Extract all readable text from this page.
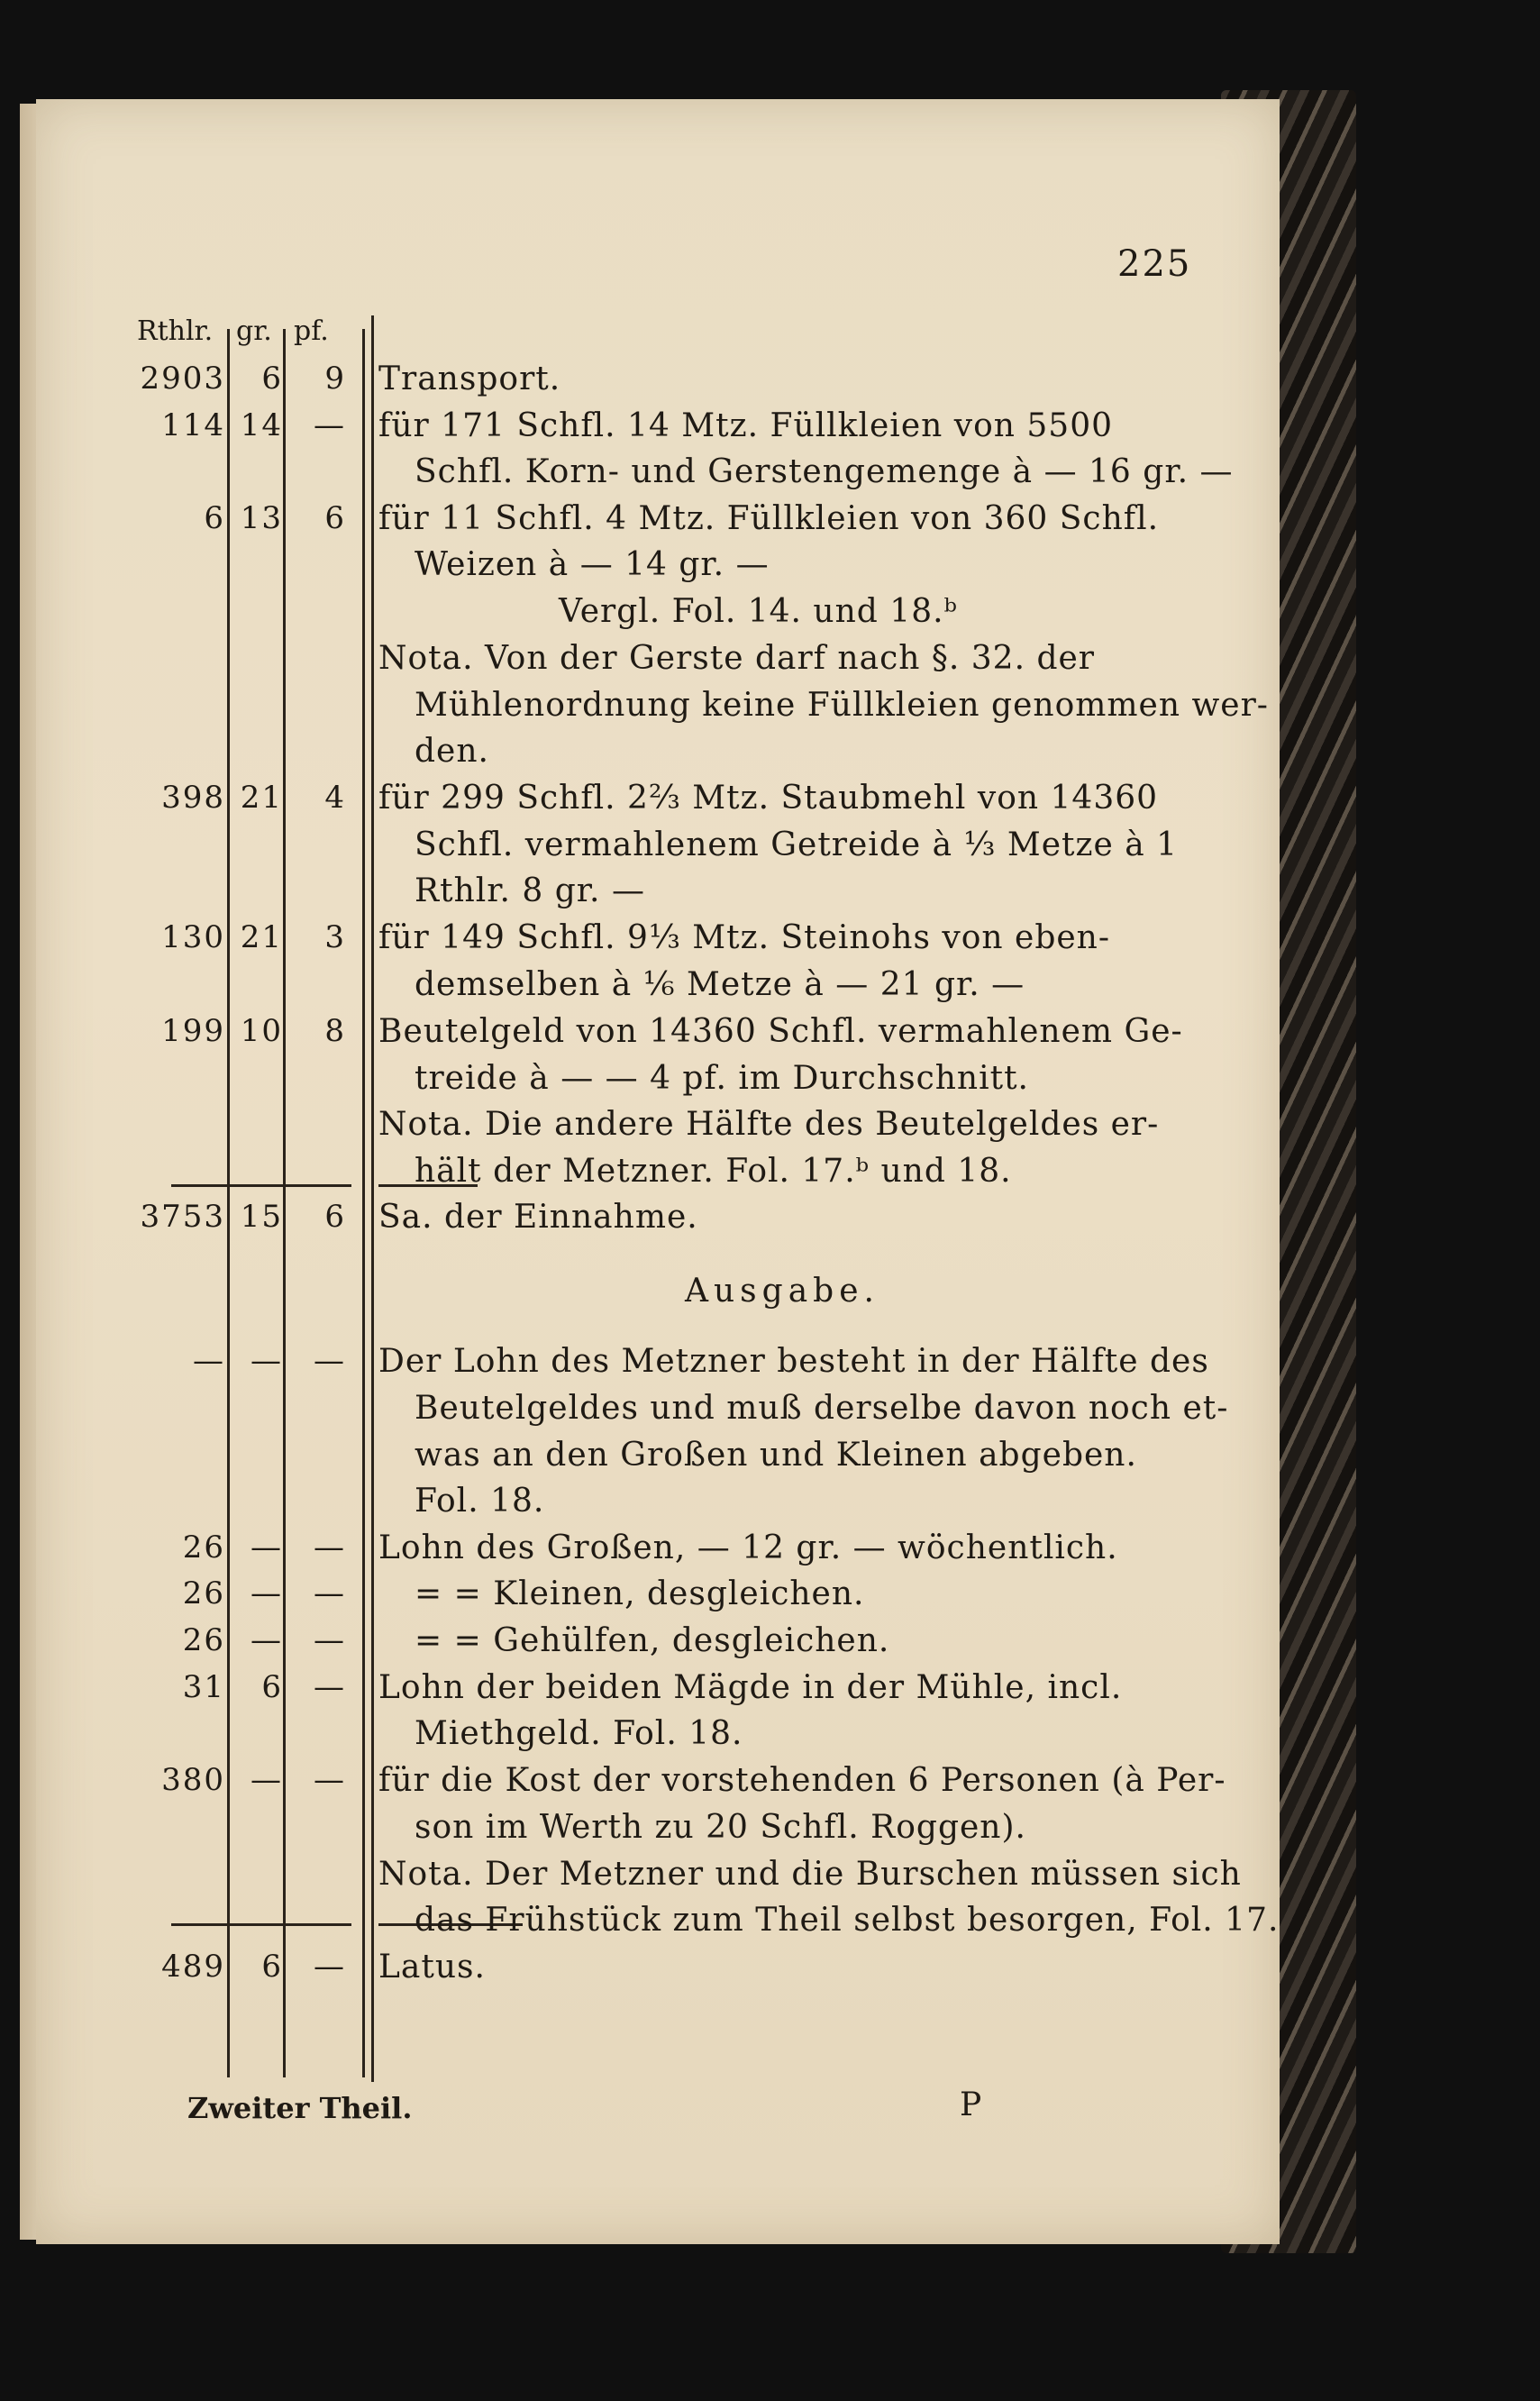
225
Rthlr. gr. pf.
2903	6	9 Transport.
114 14	— für 171 Schfl. 14 Mtz. Füllkleien von 5500
Schfl. Korn- und Gerstengemenge à — 16 gr. —
6 13	6 für 11 Schfl. 4 Mtz. Füllkleien von 360 Schfl.
Weizen à — 14 gr. —
Vergl. Fol. 14. und 18.ᵇ
Nota. Von der Gerste darf nach §. 32. der
Mühlenordnung keine Füllkleien genommen wer-
den.
398 21	4 für 299 Schfl. 2⅔ Mtz. Staubmehl von 14360
Schfl. vermahlenem Getreide à ⅓ Metze à 1
Rthlr. 8 gr. —
130 21	3 für 149 Schfl. 9⅓ Mtz. Steinohs von eben-
demselben à ⅙ Metze à — 21 gr. —
199 10	8 Beutelgeld von 14360 Schfl. vermahlenem Ge-
treide à — — 4 pf. im Durchschnitt.
Nota. Die andere Hälfte des Beutelgeldes er-
hält der Metzner. Fol. 17.ᵇ und 18.
3753 15	6 Sa. der Einnahme.
Ausgabe.
— —	— Der Lohn des Metzner besteht in der Hälfte des
Beutelgeldes und muß derselbe davon noch et-
was an den Großen und Kleinen abgeben.
Fol. 18.
26 —	— Lohn des Großen, — 12 gr. — wöchentlich.
26 —	— = = Kleinen, desgleichen.
26 —	— = = Gehülfen, desgleichen.
31	6	— Lohn der beiden Mägde in der Mühle, incl.
Miethgeld. Fol. 18.
380 —	— für die Kost der vorstehenden 6 Personen (à Per-
son im Werth zu 20 Schfl. Roggen).
Nota. Der Metzner und die Burschen müssen sich
das Frühstück zum Theil selbst besorgen, Fol. 17.
489	6	— Latus.
Zweiter Theil.	P
